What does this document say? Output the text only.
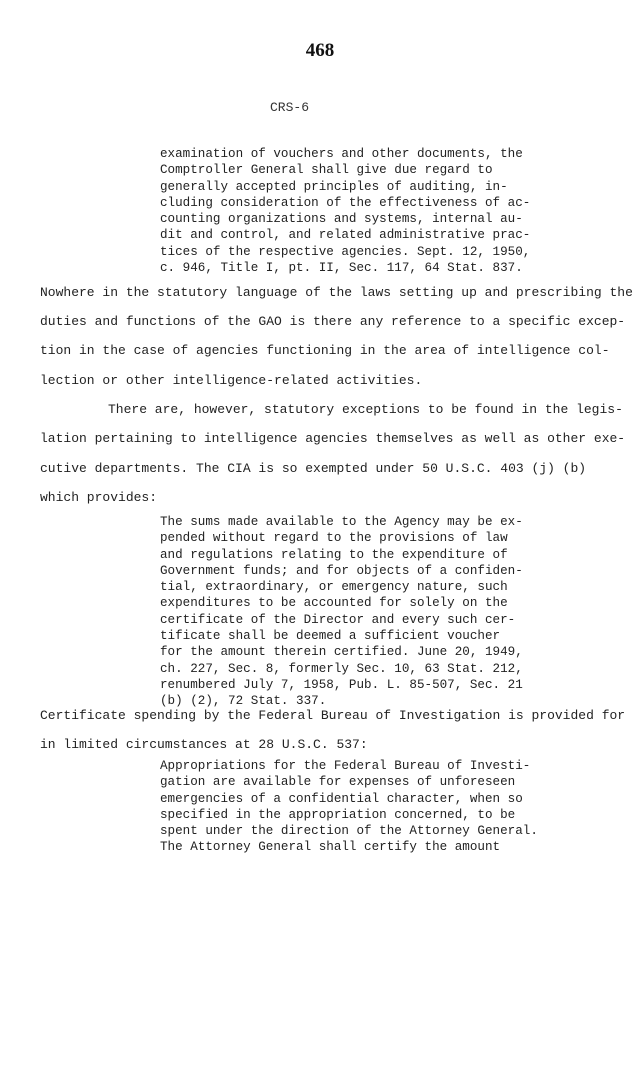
468
CRS-6
examination of vouchers and other documents, the
Comptroller General shall give due regard to
generally accepted principles of auditing, in-
cluding consideration of the effectiveness of ac-
counting organizations and systems, internal au-
dit and control, and related administrative prac-
tices of the respective agencies. Sept. 12, 1950,
c. 946, Title I, pt. II, Sec. 117, 64 Stat. 837.
Nowhere in the statutory language of the laws setting up and prescribing the
duties and functions of the GAO is there any reference to a specific excep-
tion in the case of agencies functioning in the area of intelligence col-
lection or other intelligence-related activities.
There are, however, statutory exceptions to be found in the legis-
lation pertaining to intelligence agencies themselves as well as other exe-
cutive departments. The CIA is so exempted under 50 U.S.C. 403 (j) (b)
which provides:
The sums made available to the Agency may be ex-
pended without regard to the provisions of law
and regulations relating to the expenditure of
Government funds; and for objects of a confiden-
tial, extraordinary, or emergency nature, such
expenditures to be accounted for solely on the
certificate of the Director and every such cer-
tificate shall be deemed a sufficient voucher
for the amount therein certified. June 20, 1949,
ch. 227, Sec. 8, formerly Sec. 10, 63 Stat. 212,
renumbered July 7, 1958, Pub. L. 85-507, Sec. 21
(b) (2), 72 Stat. 337.
Certificate spending by the Federal Bureau of Investigation is provided for
in limited circumstances at 28 U.S.C. 537:
Appropriations for the Federal Bureau of Investi-
gation are available for expenses of unforeseen
emergencies of a confidential character, when so
specified in the appropriation concerned, to be
spent under the direction of the Attorney General.
The Attorney General shall certify the amount
